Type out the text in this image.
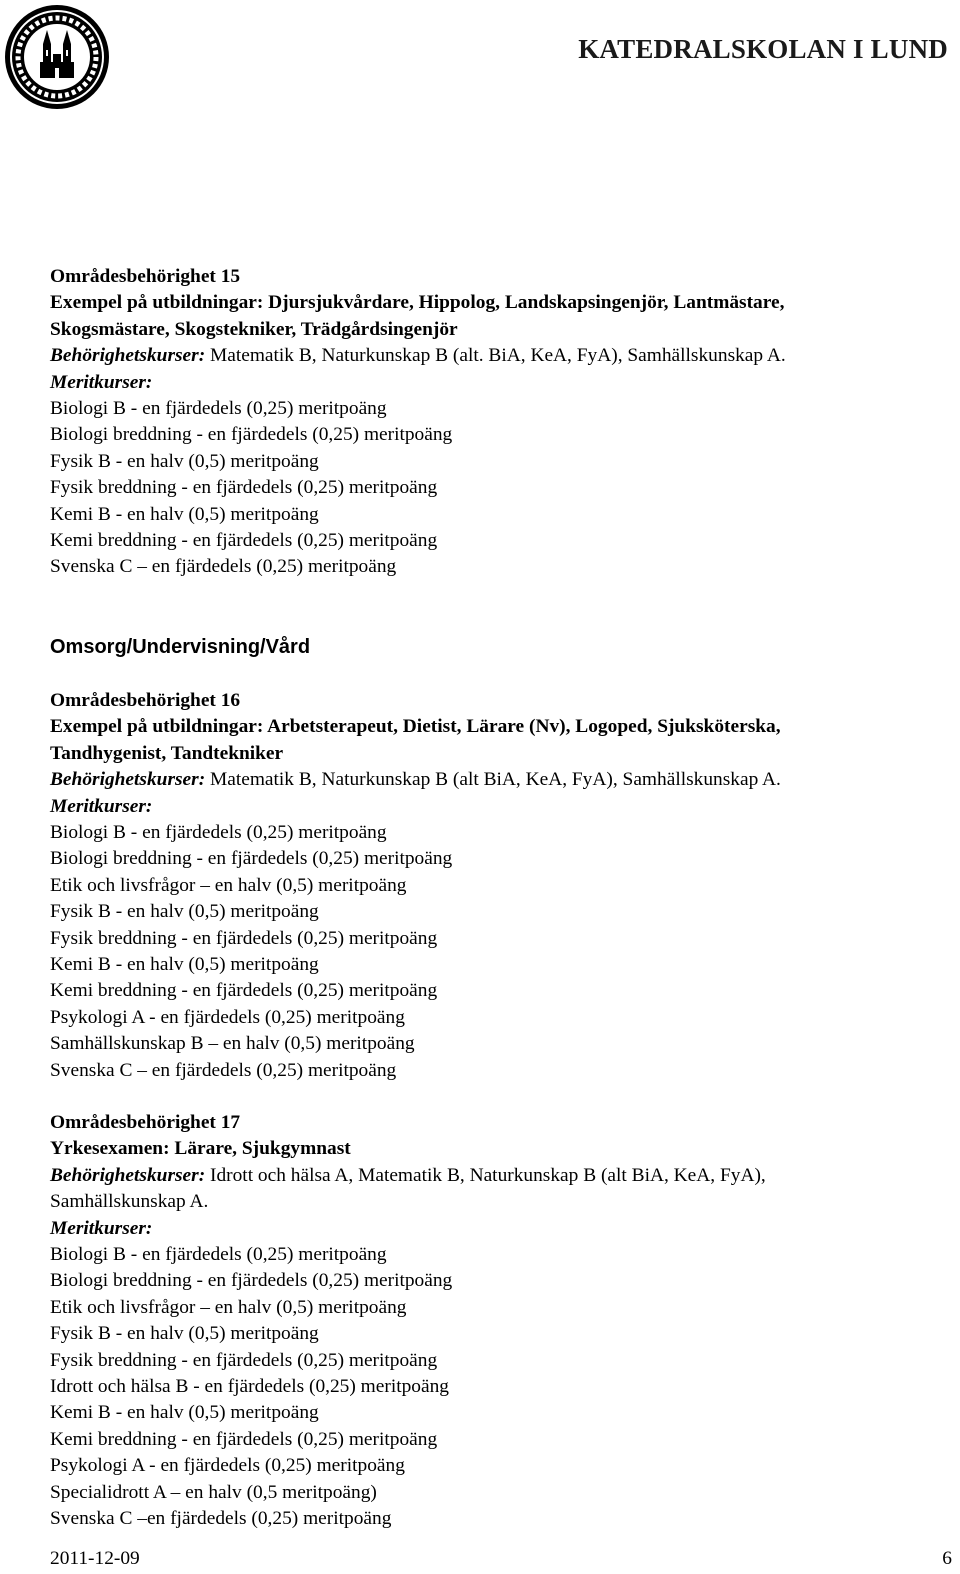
KATEDRALSKOLAN I LUND
Områdesbehörighet 15
Exempel på utbildningar: Djursjukvårdare, Hippolog, Landskapsingenjör, Lantmästare,
Skogsmästare, Skogstekniker, Trädgårdsingenjör
Behörighetskurser: Matematik B, Naturkunskap B (alt. BiA, KeA, FyA), Samhällskunskap A.
Meritkurser:
Biologi B - en fjärdedels (0,25) meritpoäng
Biologi breddning - en fjärdedels (0,25) meritpoäng
Fysik B - en halv (0,5) meritpoäng
Fysik breddning - en fjärdedels (0,25) meritpoäng
Kemi B - en halv (0,5) meritpoäng
Kemi breddning - en fjärdedels (0,25) meritpoäng
Svenska C – en fjärdedels (0,25) meritpoäng
Omsorg/Undervisning/Vård
Områdesbehörighet 16
Exempel på utbildningar: Arbetsterapeut, Dietist, Lärare (Nv), Logoped, Sjuksköterska,
Tandhygenist, Tandtekniker
Behörighetskurser: Matematik B, Naturkunskap B (alt BiA, KeA, FyA), Samhällskunskap A.
Meritkurser:
Biologi B - en fjärdedels (0,25) meritpoäng
Biologi breddning - en fjärdedels (0,25) meritpoäng
Etik och livsfrågor – en halv (0,5) meritpoäng
Fysik B - en halv (0,5) meritpoäng
Fysik breddning - en fjärdedels (0,25) meritpoäng
Kemi B - en halv (0,5) meritpoäng
Kemi breddning - en fjärdedels (0,25) meritpoäng
Psykologi A - en fjärdedels (0,25) meritpoäng
Samhällskunskap B – en halv (0,5) meritpoäng
Svenska C – en fjärdedels (0,25) meritpoäng
Områdesbehörighet 17
Yrkesexamen: Lärare, Sjukgymnast
Behörighetskurser: Idrott och hälsa A, Matematik B, Naturkunskap B (alt BiA, KeA, FyA),
Samhällskunskap A.
Meritkurser:
Biologi B - en fjärdedels (0,25) meritpoäng
Biologi breddning - en fjärdedels (0,25) meritpoäng
Etik och livsfrågor – en halv (0,5) meritpoäng
Fysik B - en halv (0,5) meritpoäng
Fysik breddning - en fjärdedels (0,25) meritpoäng
Idrott och hälsa B - en fjärdedels (0,25) meritpoäng
Kemi B - en halv (0,5) meritpoäng
Kemi breddning - en fjärdedels (0,25) meritpoäng
Psykologi A - en fjärdedels (0,25) meritpoäng
Specialidrott A – en halv (0,5 meritpoäng)
Svenska C –en fjärdedels (0,25) meritpoäng
2011-12-09	6
